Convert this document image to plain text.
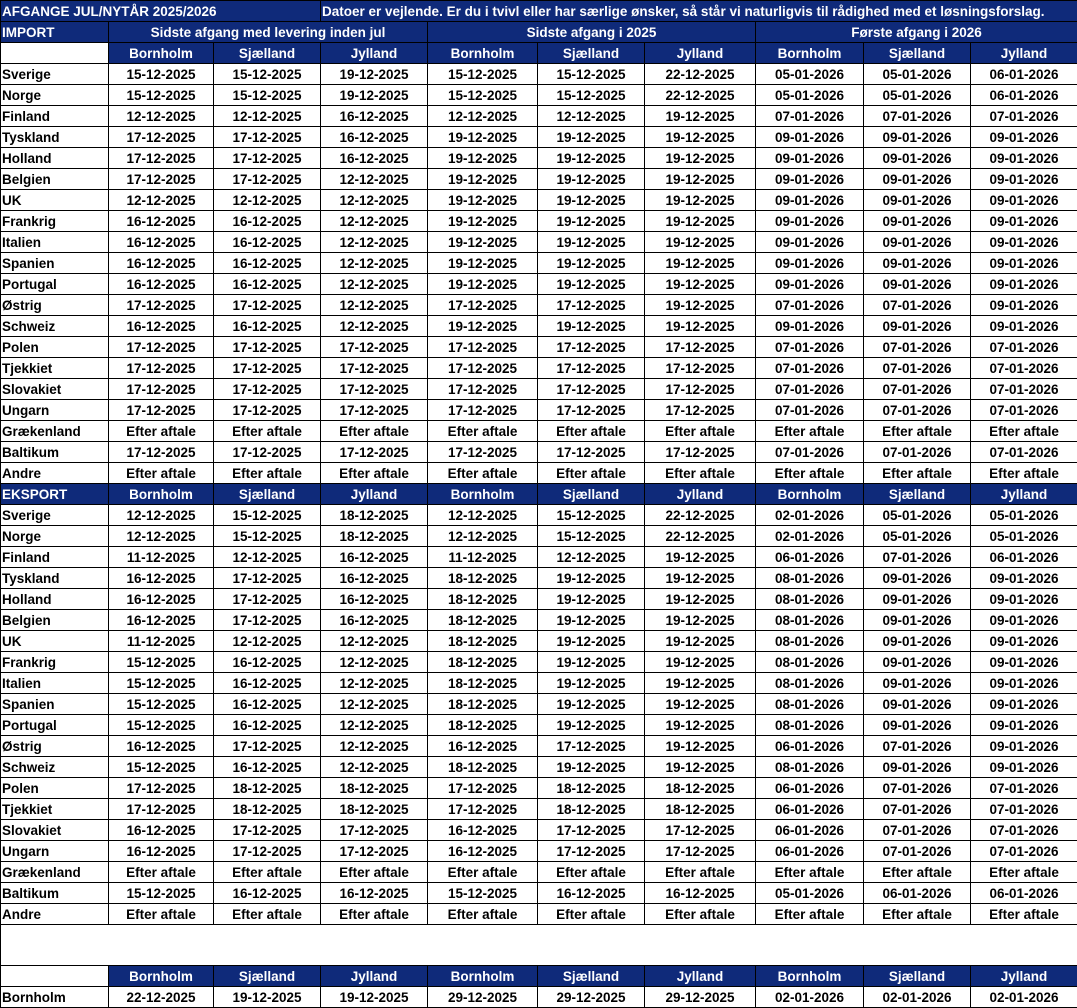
AFGANGE JUL/NYTÅR 2025/2026			Datoer er vejlende. Er du i tvivl eller har særlige ønsker, så står vi naturligvis til rådighed med et løsningsforslag.						
IMPORT	Sidste afgang med levering inden jul			Sidste afgang i 2025			Første afgang i 2026		
	Bornholm	Sjælland	Jylland	Bornholm	Sjælland	Jylland	Bornholm	Sjælland	Jylland
Sverige	15-12-2025	15-12-2025	19-12-2025	15-12-2025	15-12-2025	22-12-2025	05-01-2026	05-01-2026	06-01-2026
Norge	15-12-2025	15-12-2025	19-12-2025	15-12-2025	15-12-2025	22-12-2025	05-01-2026	05-01-2026	06-01-2026
Finland	12-12-2025	12-12-2025	16-12-2025	12-12-2025	12-12-2025	19-12-2025	07-01-2026	07-01-2026	07-01-2026
Tyskland	17-12-2025	17-12-2025	16-12-2025	19-12-2025	19-12-2025	19-12-2025	09-01-2026	09-01-2026	09-01-2026
Holland	17-12-2025	17-12-2025	16-12-2025	19-12-2025	19-12-2025	19-12-2025	09-01-2026	09-01-2026	09-01-2026
Belgien	17-12-2025	17-12-2025	12-12-2025	19-12-2025	19-12-2025	19-12-2025	09-01-2026	09-01-2026	09-01-2026
UK	12-12-2025	12-12-2025	12-12-2025	19-12-2025	19-12-2025	19-12-2025	09-01-2026	09-01-2026	09-01-2026
Frankrig	16-12-2025	16-12-2025	12-12-2025	19-12-2025	19-12-2025	19-12-2025	09-01-2026	09-01-2026	09-01-2026
Italien	16-12-2025	16-12-2025	12-12-2025	19-12-2025	19-12-2025	19-12-2025	09-01-2026	09-01-2026	09-01-2026
Spanien	16-12-2025	16-12-2025	12-12-2025	19-12-2025	19-12-2025	19-12-2025	09-01-2026	09-01-2026	09-01-2026
Portugal	16-12-2025	16-12-2025	12-12-2025	19-12-2025	19-12-2025	19-12-2025	09-01-2026	09-01-2026	09-01-2026
Østrig	17-12-2025	17-12-2025	12-12-2025	17-12-2025	17-12-2025	19-12-2025	07-01-2026	07-01-2026	09-01-2026
Schweiz	16-12-2025	16-12-2025	12-12-2025	19-12-2025	19-12-2025	19-12-2025	09-01-2026	09-01-2026	09-01-2026
Polen	17-12-2025	17-12-2025	17-12-2025	17-12-2025	17-12-2025	17-12-2025	07-01-2026	07-01-2026	07-01-2026
Tjekkiet	17-12-2025	17-12-2025	17-12-2025	17-12-2025	17-12-2025	17-12-2025	07-01-2026	07-01-2026	07-01-2026
Slovakiet	17-12-2025	17-12-2025	17-12-2025	17-12-2025	17-12-2025	17-12-2025	07-01-2026	07-01-2026	07-01-2026
Ungarn	17-12-2025	17-12-2025	17-12-2025	17-12-2025	17-12-2025	17-12-2025	07-01-2026	07-01-2026	07-01-2026
Grækenland	Efter aftale	Efter aftale	Efter aftale	Efter aftale	Efter aftale	Efter aftale	Efter aftale	Efter aftale	Efter aftale
Baltikum	17-12-2025	17-12-2025	17-12-2025	17-12-2025	17-12-2025	17-12-2025	07-01-2026	07-01-2026	07-01-2026
Andre	Efter aftale	Efter aftale	Efter aftale	Efter aftale	Efter aftale	Efter aftale	Efter aftale	Efter aftale	Efter aftale
EKSPORT	Bornholm	Sjælland	Jylland	Bornholm	Sjælland	Jylland	Bornholm	Sjælland	Jylland
Sverige	12-12-2025	15-12-2025	18-12-2025	12-12-2025	15-12-2025	22-12-2025	02-01-2026	05-01-2026	05-01-2026
Norge	12-12-2025	15-12-2025	18-12-2025	12-12-2025	15-12-2025	22-12-2025	02-01-2026	05-01-2026	05-01-2026
Finland	11-12-2025	12-12-2025	16-12-2025	11-12-2025	12-12-2025	19-12-2025	06-01-2026	07-01-2026	06-01-2026
Tyskland	16-12-2025	17-12-2025	16-12-2025	18-12-2025	19-12-2025	19-12-2025	08-01-2026	09-01-2026	09-01-2026
Holland	16-12-2025	17-12-2025	16-12-2025	18-12-2025	19-12-2025	19-12-2025	08-01-2026	09-01-2026	09-01-2026
Belgien	16-12-2025	17-12-2025	16-12-2025	18-12-2025	19-12-2025	19-12-2025	08-01-2026	09-01-2026	09-01-2026
UK	11-12-2025	12-12-2025	12-12-2025	18-12-2025	19-12-2025	19-12-2025	08-01-2026	09-01-2026	09-01-2026
Frankrig	15-12-2025	16-12-2025	12-12-2025	18-12-2025	19-12-2025	19-12-2025	08-01-2026	09-01-2026	09-01-2026
Italien	15-12-2025	16-12-2025	12-12-2025	18-12-2025	19-12-2025	19-12-2025	08-01-2026	09-01-2026	09-01-2026
Spanien	15-12-2025	16-12-2025	12-12-2025	18-12-2025	19-12-2025	19-12-2025	08-01-2026	09-01-2026	09-01-2026
Portugal	15-12-2025	16-12-2025	12-12-2025	18-12-2025	19-12-2025	19-12-2025	08-01-2026	09-01-2026	09-01-2026
Østrig	16-12-2025	17-12-2025	12-12-2025	16-12-2025	17-12-2025	19-12-2025	06-01-2026	07-01-2026	09-01-2026
Schweiz	15-12-2025	16-12-2025	12-12-2025	18-12-2025	19-12-2025	19-12-2025	08-01-2026	09-01-2026	09-01-2026
Polen	17-12-2025	18-12-2025	18-12-2025	17-12-2025	18-12-2025	18-12-2025	06-01-2026	07-01-2026	07-01-2026
Tjekkiet	17-12-2025	18-12-2025	18-12-2025	17-12-2025	18-12-2025	18-12-2025	06-01-2026	07-01-2026	07-01-2026
Slovakiet	16-12-2025	17-12-2025	17-12-2025	16-12-2025	17-12-2025	17-12-2025	06-01-2026	07-01-2026	07-01-2026
Ungarn	16-12-2025	17-12-2025	17-12-2025	16-12-2025	17-12-2025	17-12-2025	06-01-2026	07-01-2026	07-01-2026
Grækenland	Efter aftale	Efter aftale	Efter aftale	Efter aftale	Efter aftale	Efter aftale	Efter aftale	Efter aftale	Efter aftale
Baltikum	15-12-2025	16-12-2025	16-12-2025	15-12-2025	16-12-2025	16-12-2025	05-01-2026	06-01-2026	06-01-2026
Andre	Efter aftale	Efter aftale	Efter aftale	Efter aftale	Efter aftale	Efter aftale	Efter aftale	Efter aftale	Efter aftale

	Bornholm	Sjælland	Jylland	Bornholm	Sjælland	Jylland	Bornholm	Sjælland	Jylland
Bornholm	22-12-2025	19-12-2025	19-12-2025	29-12-2025	29-12-2025	29-12-2025	02-01-2026	02-01-2026	02-01-2026
